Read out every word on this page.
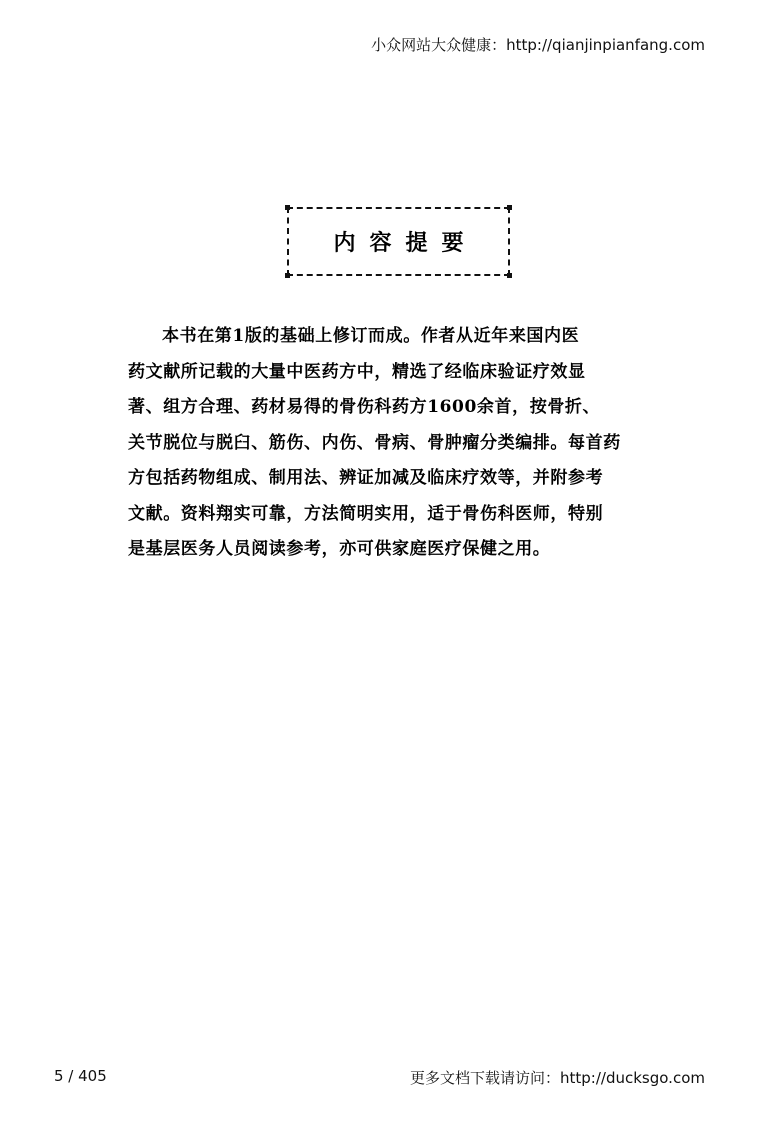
小众网站大众健康：http://qianjinpianfang.com
内容提要
本书在第1版的基础上修订而成。作者从近年来国内医
药文献所记载的大量中医药方中，精选了经临床验证疗效显
著、组方合理、药材易得的骨伤科药方1600余首，按骨折、
关节脱位与脱臼、筋伤、内伤、骨病、骨肿瘤分类编排。每首药
方包括药物组成、制用法、辨证加减及临床疗效等，并附参考
文献。资料翔实可靠，方法简明实用，适于骨伤科医师，特别
是基层医务人员阅读参考，亦可供家庭医疗保健之用。
5 / 405	更多文档下载请访问：http://ducksgo.com
